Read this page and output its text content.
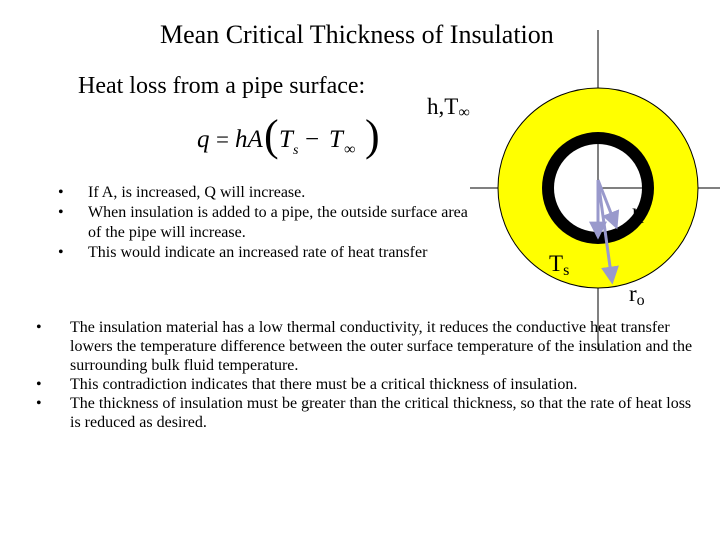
Mean Critical Thickness of Insulation
Heat loss from a pipe surface:
h,T∞
q = hA ( T s − T ∞ )
• If A, is increased, Q will increase.
• When insulation is added to a pipe, the outside surface area of the pipe will increase.
• This would indicate an increased rate of heat transfer	$T_s$
$r_i$
$r_o$
• The insulation material has a low thermal conductivity, it reduces the conductive heat transfer lowers the temperature difference between the outer surface temperature of the insulation and the surrounding bulk fluid temperature.
• This contradiction indicates that there must be a critical thickness of insulation.
• The thickness of insulation must be greater than the critical thickness, so that the rate of heat loss is reduced as desired.
